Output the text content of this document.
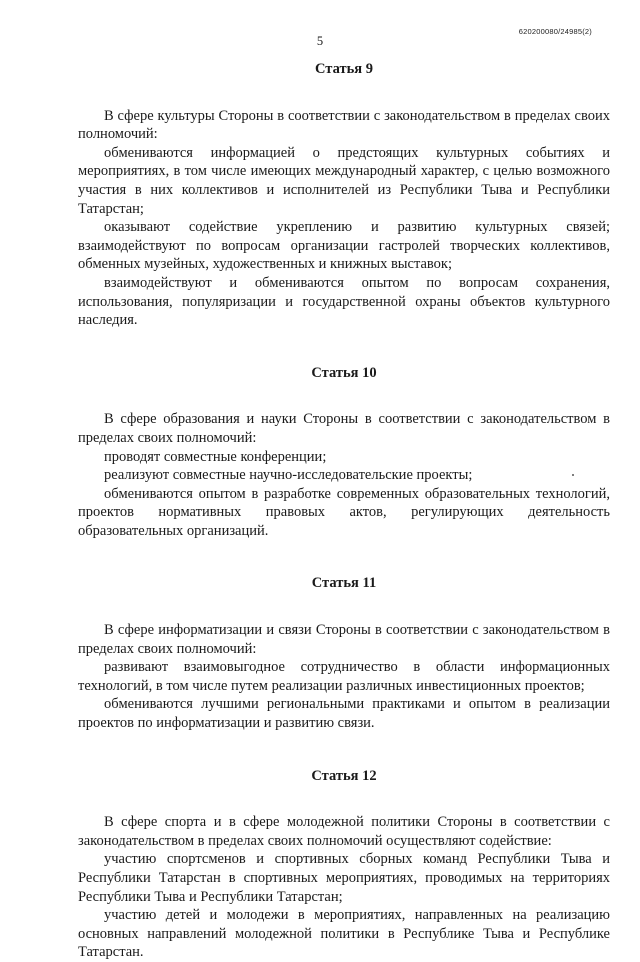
620200080/24985(2)
5
Статья 9

В сфере культуры Стороны в соответствии с законодательством в пределах своих полномочий:

обмениваются информацией о предстоящих культурных событиях и мероприятиях, в том числе имеющих международный характер, с целью возможного участия в них коллективов и исполнителей из Республики Тыва и Республики Татарстан;

оказывают содействие укреплению и развитию культурных связей; взаимодействуют по вопросам организации гастролей творческих коллективов, обменных музейных, художественных и книжных выставок;

взаимодействуют и обмениваются опытом по вопросам сохранения, использования, популяризации и государственной охраны объектов культурного наследия.

Статья 10

В сфере образования и науки Стороны в соответствии с законодательством в пределах своих полномочий:

проводят совместные конференции;

реализуют совместные научно-исследовательские проекты;

обмениваются опытом в разработке современных образовательных технологий, проектов нормативных правовых актов, регулирующих деятельность образовательных организаций.

Статья 11

В сфере информатизации и связи Стороны в соответствии с законодательством в пределах своих полномочий:

развивают взаимовыгодное сотрудничество в области информационных технологий, в том числе путем реализации различных инвестиционных проектов;

обмениваются лучшими региональными практиками и опытом в реализации проектов по информатизации и развитию связи.

Статья 12

В сфере спорта и в сфере молодежной политики Стороны в соответствии с законодательством в пределах своих полномочий осуществляют содействие:

участию спортсменов и спортивных сборных команд Республики Тыва и Республики Татарстан в спортивных мероприятиях, проводимых на территориях Республики Тыва и Республики Татарстан;

участию детей и молодежи в мероприятиях, направленных на реализацию основных направлений молодежной политики в Республике Тыва и Республике Татарстан.
